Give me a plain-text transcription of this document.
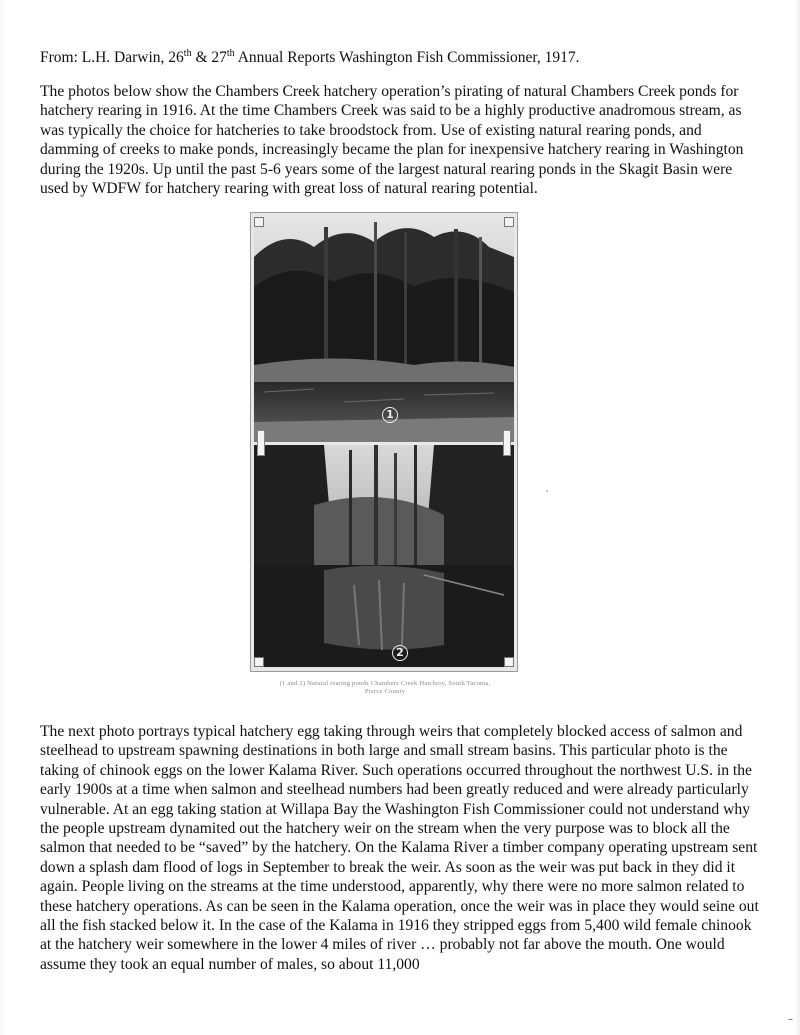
From: L.H. Darwin, 26th & 27th Annual Reports Washington Fish Commissioner, 1917.

The photos below show the Chambers Creek hatchery operation’s pirating of natural Chambers Creek ponds for hatchery rearing in 1916. At the time Chambers Creek was said to be a highly productive anadromous stream, as was typically the choice for hatcheries to take broodstock from. Use of existing natural rearing ponds, and damming of creeks to make ponds, increasingly became the plan for inexpensive hatchery rearing in Washington during the 1920s. Up until the past 5-6 years some of the largest natural rearing ponds in the Skagit Basin were used by WDFW for hatchery rearing with great loss of natural rearing potential.

1
2
(1 and 2) Natural rearing ponds Chambers Creek Hatchery, South Tacoma,
Pierce County

The next photo portrays typical hatchery egg taking through weirs that completely blocked access of salmon and steelhead to upstream spawning destinations in both large and small stream basins. This particular photo is the taking of chinook eggs on the lower Kalama River. Such operations occurred throughout the northwest U.S. in the early 1900s at a time when salmon and steelhead numbers had been greatly reduced and were already particularly vulnerable. At an egg taking station at Willapa Bay the Washington Fish Commissioner could not understand why the people upstream dynamited out the hatchery weir on the stream when the very purpose was to block all the salmon that needed to be “saved” by the hatchery. On the Kalama River a timber company operating upstream sent down a splash dam flood of logs in September to break the weir. As soon as the weir was put back in they did it again. People living on the streams at the time understood, apparently, why there were no more salmon related to these hatchery operations. As can be seen in the Kalama operation, once the weir was in place they would seine out all the fish stacked below it. In the case of the Kalama in 1916 they stripped eggs from 5,400 wild female chinook at the hatchery weir somewhere in the lower 4 miles of river … probably not far above the mouth. One would assume they took an equal number of males, so about 11,000

–
